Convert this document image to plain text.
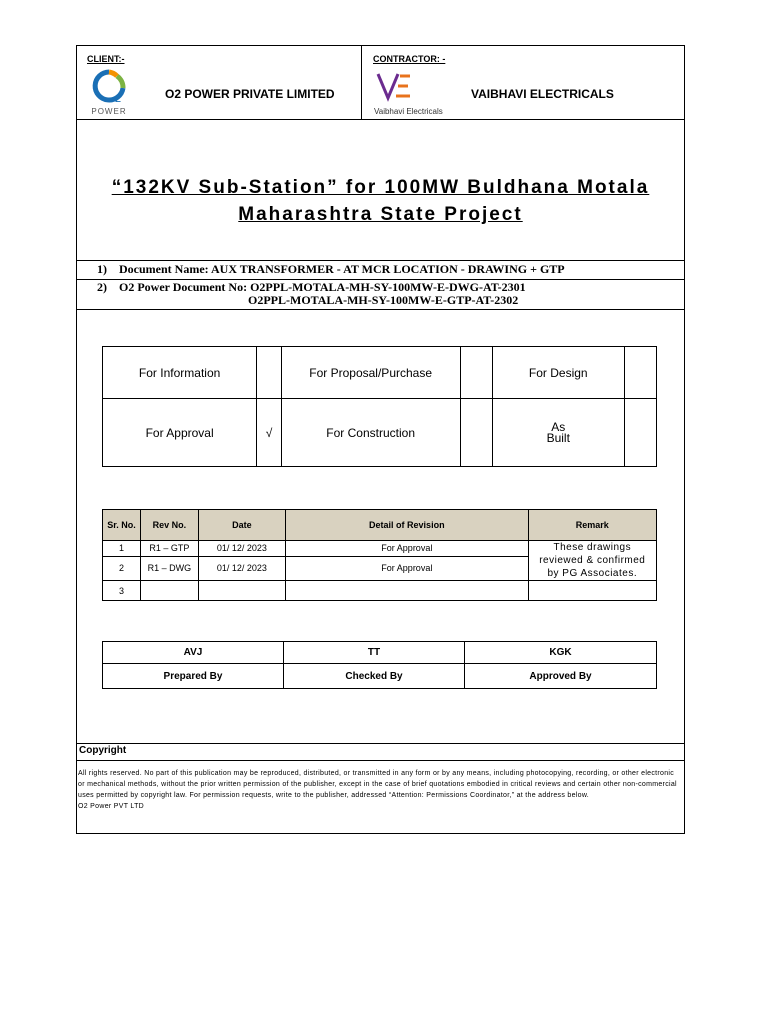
CLIENT:-
2
POWER
O2 POWER PRIVATE LIMITED
CONTRACTOR: -
Vaibhavi Electricals
VAIBHAVI ELECTRICALS
“132KV Sub-Station” for 100MW Buldhana Motala
Maharashtra State Project
1) Document Name: AUX TRANSFORMER - AT MCR LOCATION - DRAWING + GTP
2) O2 Power Document No: O2PPL-MOTALA-MH-SY-100MW-E-DWG-AT-2301
O2PPL-MOTALA-MH-SY-100MW-E-GTP-AT-2302
For Information		For Proposal/Purchase		For Design	
For Approval	√	For Construction		As
Built	

Sr. No.	Rev No.	Date	Detail of Revision	Remark
1	R1 – GTP	01/ 12/ 2023	For Approval	These drawings reviewed & confirmed by PG Associates.
2	R1 – DWG	01/ 12/ 2023	For Approval	
3				
AVJ	TT	KGK
Prepared By	Checked By	Approved By
Copyright
All rights reserved. No part of this publication may be reproduced, distributed, or transmitted in any form or by any means, including photocopying, recording, or other electronic or mechanical methods, without the prior written permission of the publisher, except in the case of brief quotations embodied in critical reviews and certain other non-commercial uses permitted by copyright law. For permission requests, write to the publisher, addressed “Attention: Permissions Coordinator,” at the address below.
O2 Power PVT LTD
